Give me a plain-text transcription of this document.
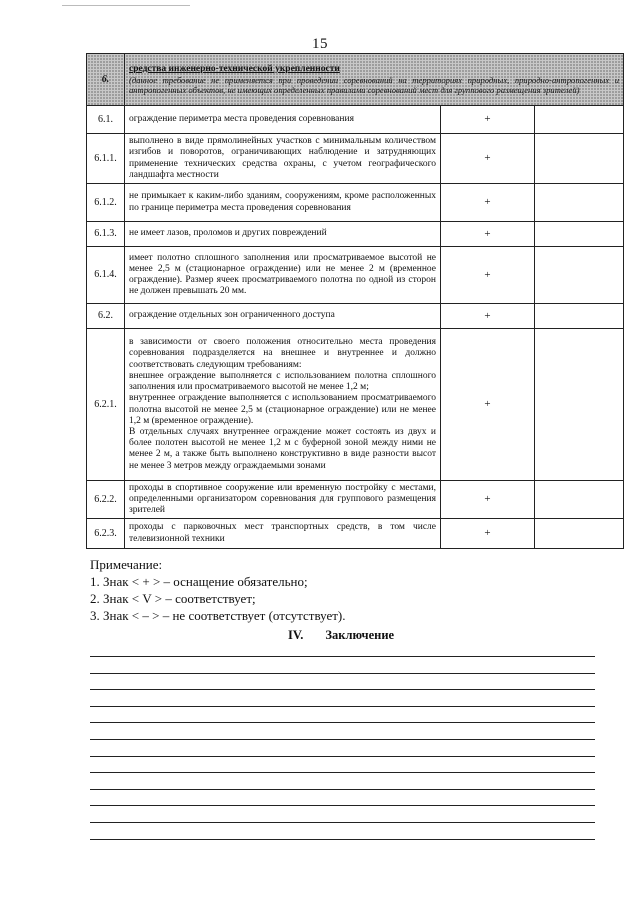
15
6.	средства инженерно-технической укрепленности
(данное требование не применяется при проведении соревнований на территориях природных, природно-антропогенных и антропогенных объектов, не имеющих определенных правилами соревнований мест для группового размещения зрителей)		

6.1.	ограждение периметра места проведения соревнования	+	
6.1.1.	выполнено в виде прямолинейных участков с минимальным количеством изгибов и поворотов, ограничивающих наблюдение и затрудняющих применение технических средства охраны, с учетом географического ландшафта местности	+	
6.1.2.	не примыкает к каким-либо зданиям, сооружениям, кроме расположенных по границе периметра места проведения соревнования	+	
6.1.3.	не имеет лазов, проломов и других повреждений	+	
6.1.4.	имеет полотно сплошного заполнения или просматриваемое высотой не менее 2,5 м (стационарное ограждение) или не менее 2 м (временное ограждение). Размер ячеек просматриваемого полотна по одной из сторон не должен превышать 20 мм.	+	
6.2.	ограждение отдельных зон ограниченного доступа	+	
6.2.1.	в зависимости от своего положения относительно места проведения соревнования подразделяется на внешнее и внутреннее и должно соответствовать следующим требованиям:
внешнее ограждение выполняется с использованием полотна сплошного заполнения или просматриваемого высотой не менее 1,2 м;
внутреннее ограждение выполняется с использованием просматриваемого полотна высотой не менее 2,5 м (стационарное ограждение) или не менее 1,2 м (временное ограждение).
В отдельных случаях внутреннее ограждение может состоять из двух и более полотен высотой не менее 1,2 м с буферной зоной между ними не менее 2 м, а также быть выполнено конструктивно в виде разности высот не менее 3 метров между ограждаемыми зонами	+	
6.2.2.	проходы в спортивное сооружение или временную постройку с местами, определенными организатором соревнования для группового размещения зрителей	+	
6.2.3.	проходы с парковочных мест транспортных средств, в том числе телевизионной техники	+	
Примечание:
1. Знак < + > – оснащение обязательно;
2. Знак < V > – соответствует;
3. Знак < – > – не соответствует (отсутствует).
IV. Заключение
